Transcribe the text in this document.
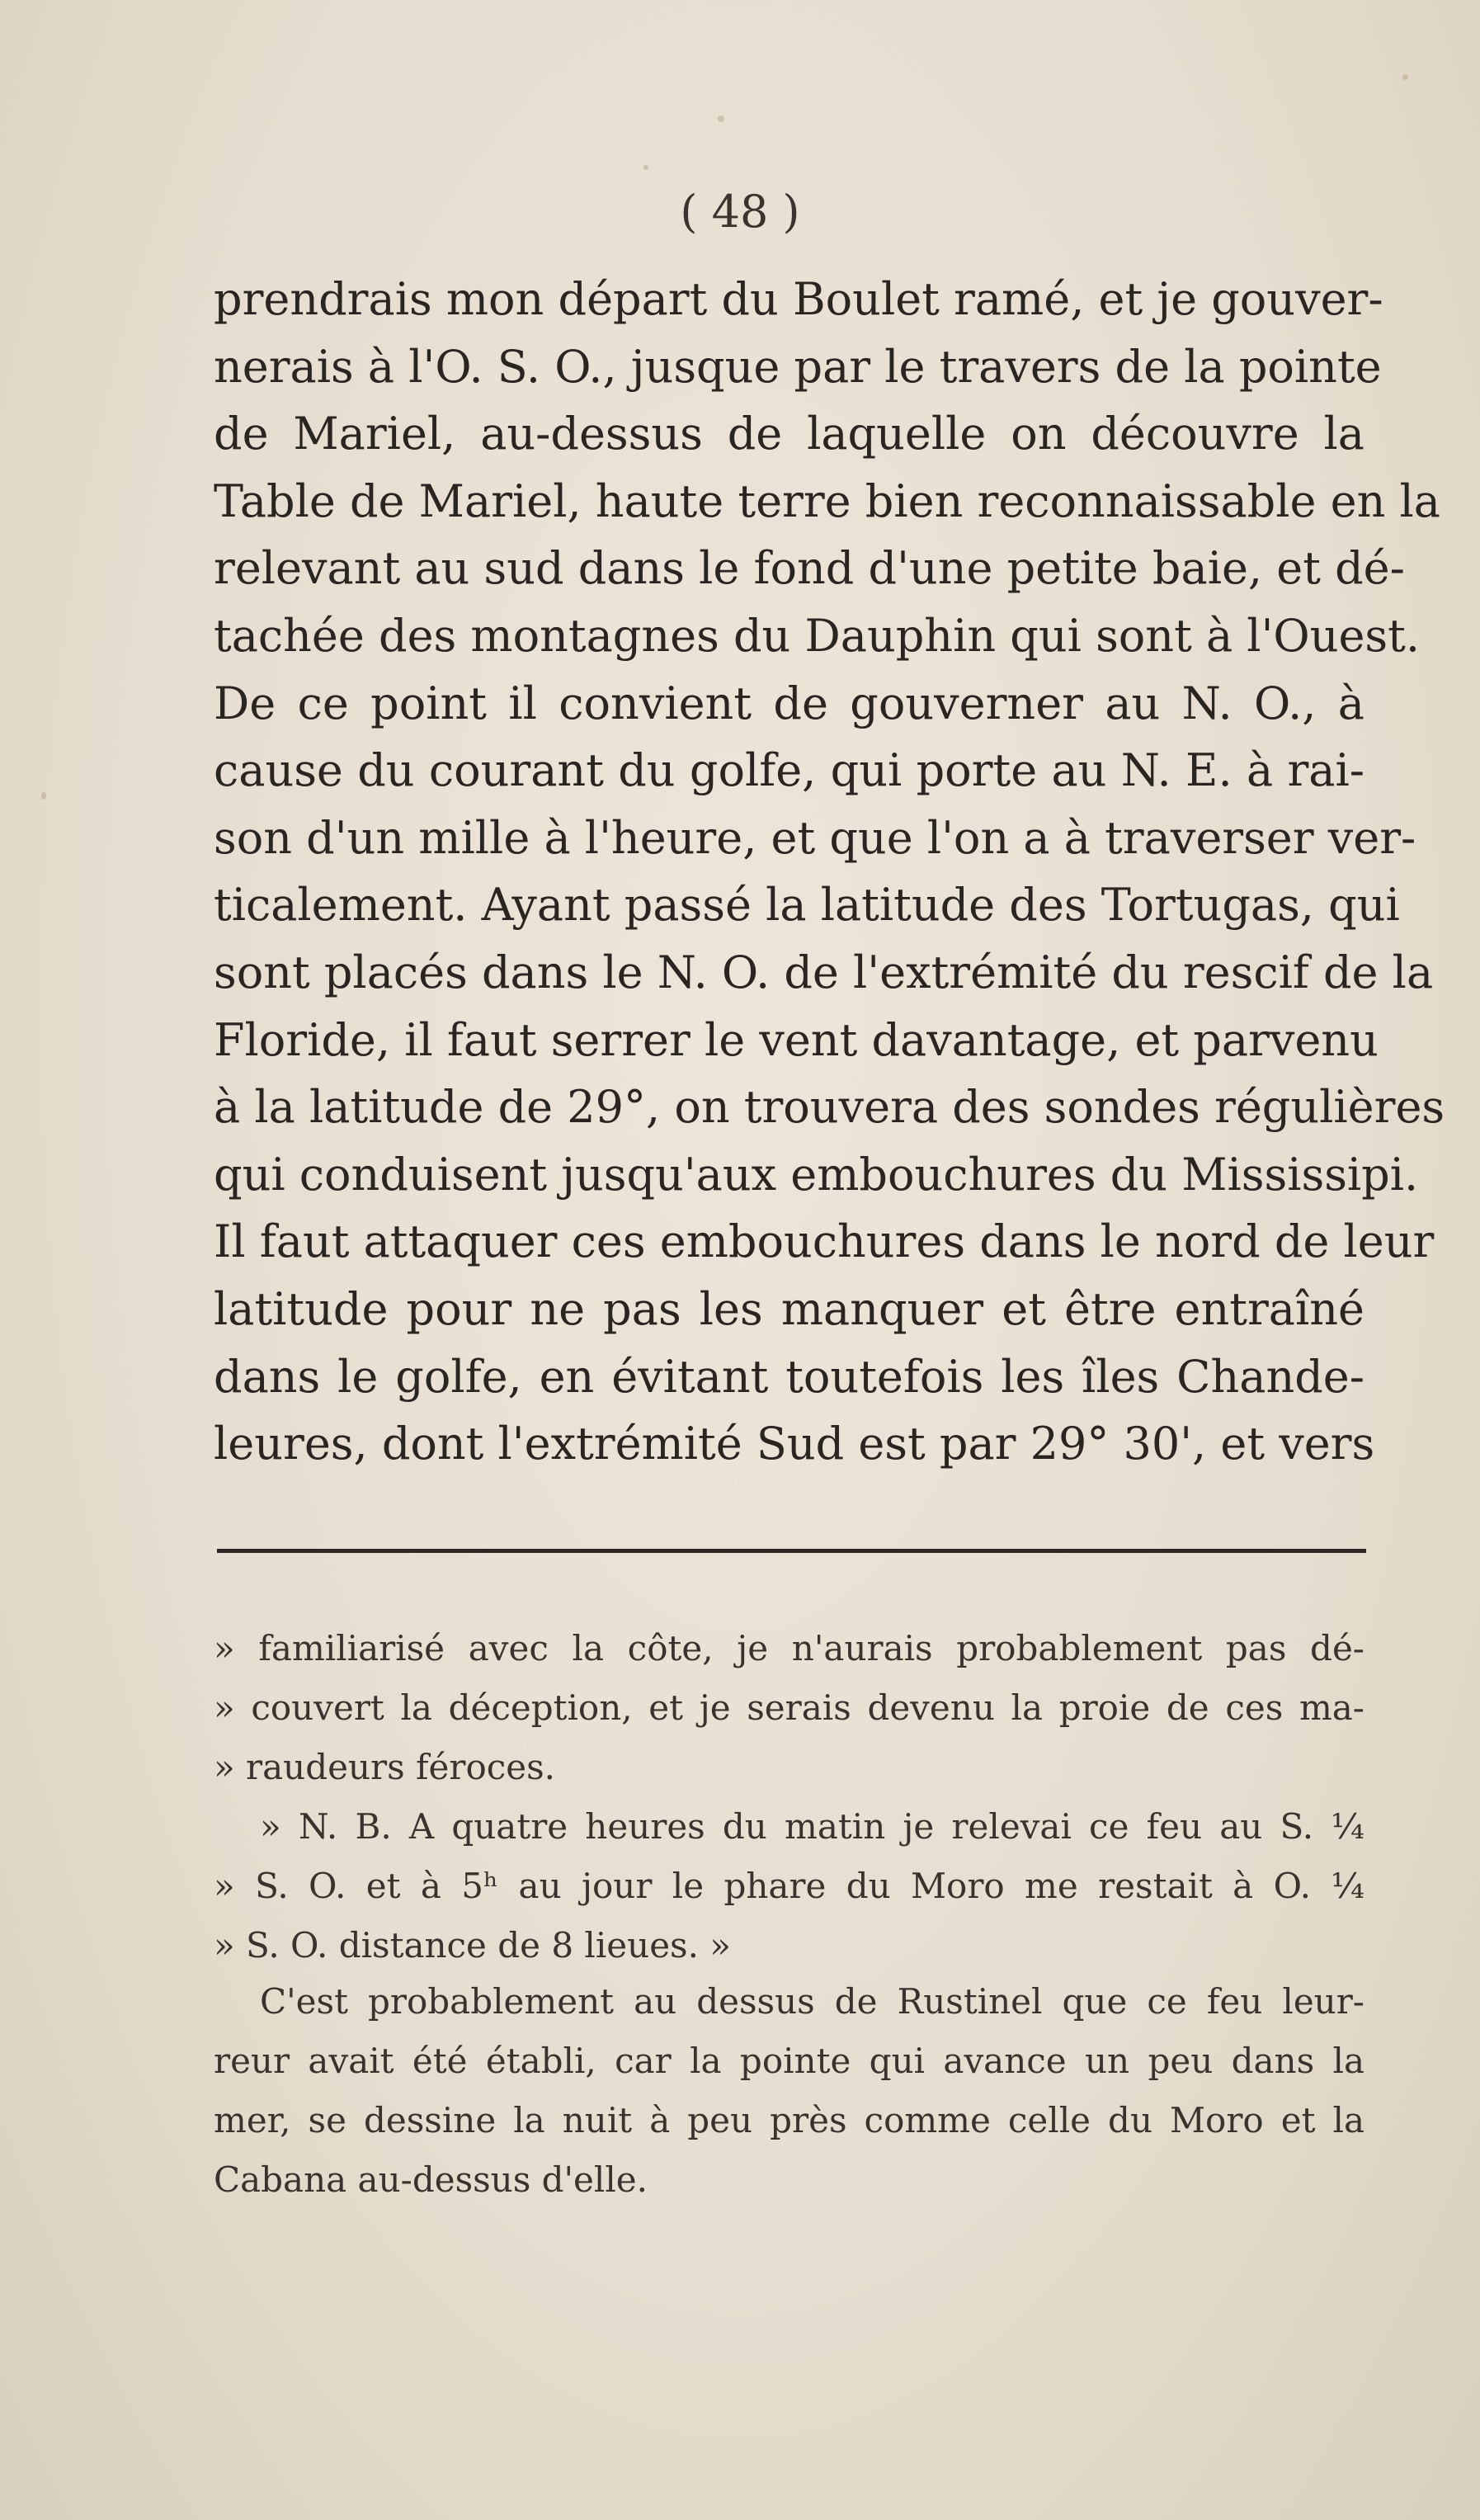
( 48 )
prendrais mon départ du Boulet ramé, et je gouver-
nerais à l'O. S. O., jusque par le travers de la pointe
de Mariel, au-dessus de laquelle on découvre la
Table de Mariel, haute terre bien reconnaissable en la
relevant au sud dans le fond d'une petite baie, et dé-
tachée des montagnes du Dauphin qui sont à l'Ouest.
De ce point il convient de gouverner au N. O., à
cause du courant du golfe, qui porte au N. E. à rai-
son d'un mille à l'heure, et que l'on a à traverser ver-
ticalement. Ayant passé la latitude des Tortugas, qui
sont placés dans le N. O. de l'extrémité du rescif de la
Floride, il faut serrer le vent davantage, et parvenu
à la latitude de 29°, on trouvera des sondes régulières
qui conduisent jusqu'aux embouchures du Mississipi.
Il faut attaquer ces embouchures dans le nord de leur
latitude pour ne pas les manquer et être entraîné
dans le golfe, en évitant toutefois les îles Chande-
leures, dont l'extrémité Sud est par 29° 30', et vers
» familiarisé avec la côte, je n'aurais probablement pas dé-
» couvert la déception, et je serais devenu la proie de ces ma-
» raudeurs féroces.
» N. B. A quatre heures du matin je relevai ce feu au S. ¼
» S. O. et à 5ʰ au jour le phare du Moro me restait à O. ¼
» S. O. distance de 8 lieues. »
C'est probablement au dessus de Rustinel que ce feu leur-
reur avait été établi, car la pointe qui avance un peu dans la
mer, se dessine la nuit à peu près comme celle du Moro et la
Cabana au-dessus d'elle.
